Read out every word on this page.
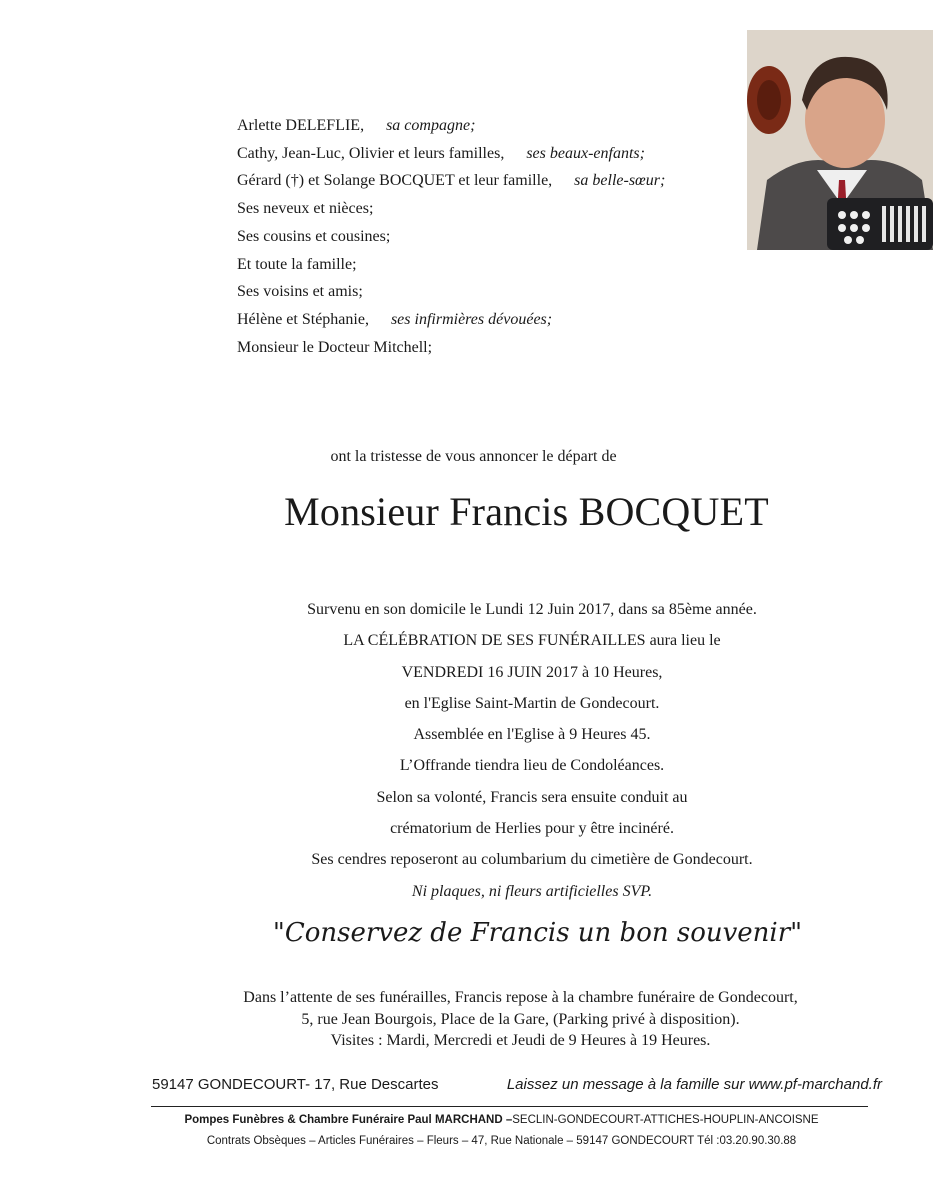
Arlette DELEFLIE, sa compagne;
Cathy, Jean-Luc, Olivier et leurs familles, ses beaux-enfants;
Gérard (†) et Solange BOCQUET et leur famille, sa belle-sœur;
Ses neveux et nièces;
Ses cousins et cousines;
Et toute la famille;
Ses voisins et amis;
Hélène et Stéphanie, ses infirmières dévouées;
Monsieur le Docteur Mitchell;
ont la tristesse de vous annoncer le départ de
Monsieur Francis BOCQUET
Survenu en son domicile le Lundi 12 Juin 2017, dans sa 85ème année.
LA CÉLÉBRATION DE SES FUNÉRAILLES aura lieu le
VENDREDI 16 JUIN 2017 à 10 Heures,
en l'Eglise Saint-Martin de Gondecourt.
Assemblée en l'Eglise à 9 Heures 45.
L’Offrande tiendra lieu de Condoléances.
Selon sa volonté, Francis sera ensuite conduit au
crématorium de Herlies pour y être incinéré.
Ses cendres reposeront au columbarium du cimetière de Gondecourt.
Ni plaques, ni fleurs artificielles SVP.
"Conservez de Francis un bon souvenir"
Dans l’attente de ses funérailles, Francis repose à la chambre funéraire de Gondecourt,
5, rue Jean Bourgois, Place de la Gare, (Parking privé à disposition).
Visites : Mardi, Mercredi et Jeudi de 9 Heures à 19 Heures.
59147 GONDECOURT- 17, Rue Descartes	Laissez un message à la famille sur www.pf-marchand.fr
Pompes Funèbres & Chambre Funéraire Paul MARCHAND –SECLIN-GONDECOURT-ATTICHES-HOUPLIN-ANCOISNE
Contrats Obsèques – Articles Funéraires – Fleurs – 47, Rue Nationale – 59147 GONDECOURT Tél :03.20.90.30.88
